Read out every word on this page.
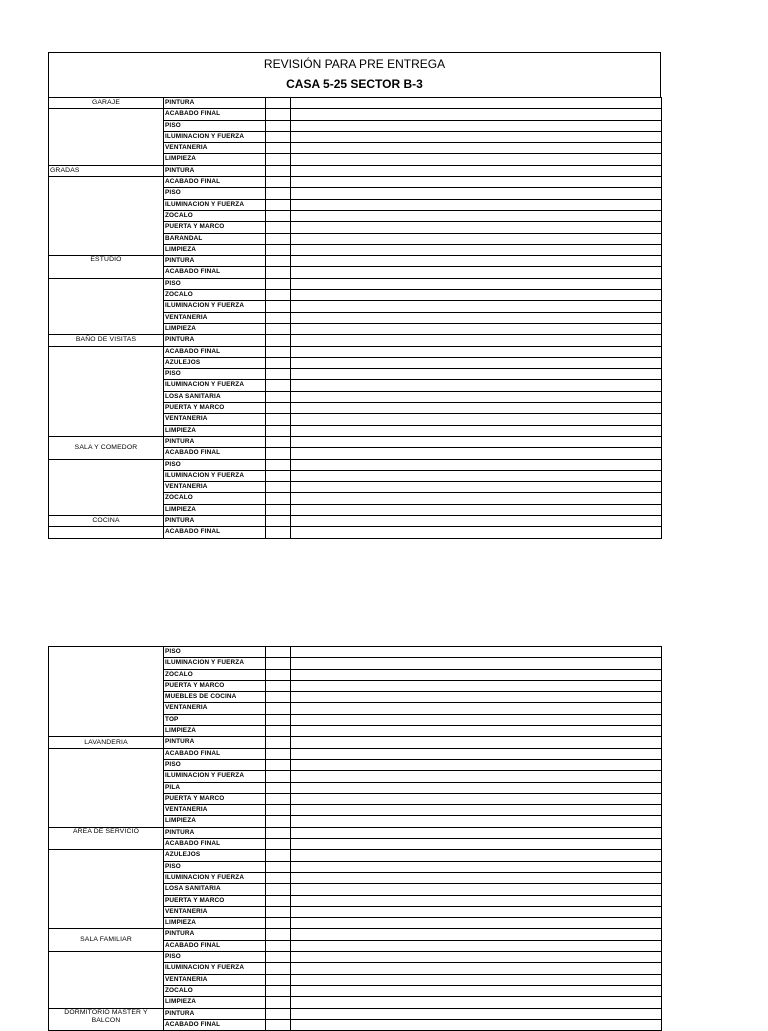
REVISIÓN PARA PRE ENTREGA
CASA 5-25 SECTOR B-3
GARAJE	PINTURA		
	ACABADO FINAL		
	PISO		
	ILUMINACION Y FUERZA		
	VENTANERIA		
	LIMPIEZA		
GRADAS	PINTURA		
	ACABADO FINAL		
	PISO		
	ILUMINACION Y FUERZA		
	ZOCALO		
	PUERTA Y MARCO		
	BARANDAL		
	LIMPIEZA		
ESTUDIO	PINTURA		
	ACABADO FINAL		
	PISO		
	ZOCALO		
	ILUMINACION Y FUERZA		
	VENTANERIA		
	LIMPIEZA		
BAÑO DE VISITAS	PINTURA		
	ACABADO FINAL		
	AZULEJOS		
	PISO		
	ILUMINACION Y FUERZA		
	LOSA SANITARIA		
	PUERTA Y MARCO		
	VENTANERIA		
	LIMPIEZA		
SALA Y COMEDOR	PINTURA		
	ACABADO FINAL		
	PISO		
	ILUMINACION Y FUERZA		
	VENTANERIA		
	ZOCALO		
	LIMPIEZA		
COCINA	PINTURA		
	ACABADO FINAL		
	PISO		
	ILUMINACION Y FUERZA		
	ZOCALO		
	PUERTA Y MARCO		
	MUEBLES DE COCINA		
	VENTANERIA		
	TOP		
	LIMPIEZA		
LAVANDERIA	PINTURA		
	ACABADO FINAL		
	PISO		
	ILUMINACION Y FUERZA		
	PILA		
	PUERTA Y MARCO		
	VENTANERIA		
	LIMPIEZA		
AREA DE SERVICIO	PINTURA		
	ACABADO FINAL		
	AZULEJOS		
	PISO		
	ILUMINACION Y FUERZA		
	LOSA SANITARIA		
	PUERTA Y MARCO		
	VENTANERIA		
	LIMPIEZA		
SALA FAMILIAR	PINTURA		
	ACABADO FINAL		
	PISO		
	ILUMINACION Y FUERZA		
	VENTANERIA		
	ZOCALO		
	LIMPIEZA		
DORMITORIO MASTER Y BALCON	PINTURA		
	ACABADO FINAL		
